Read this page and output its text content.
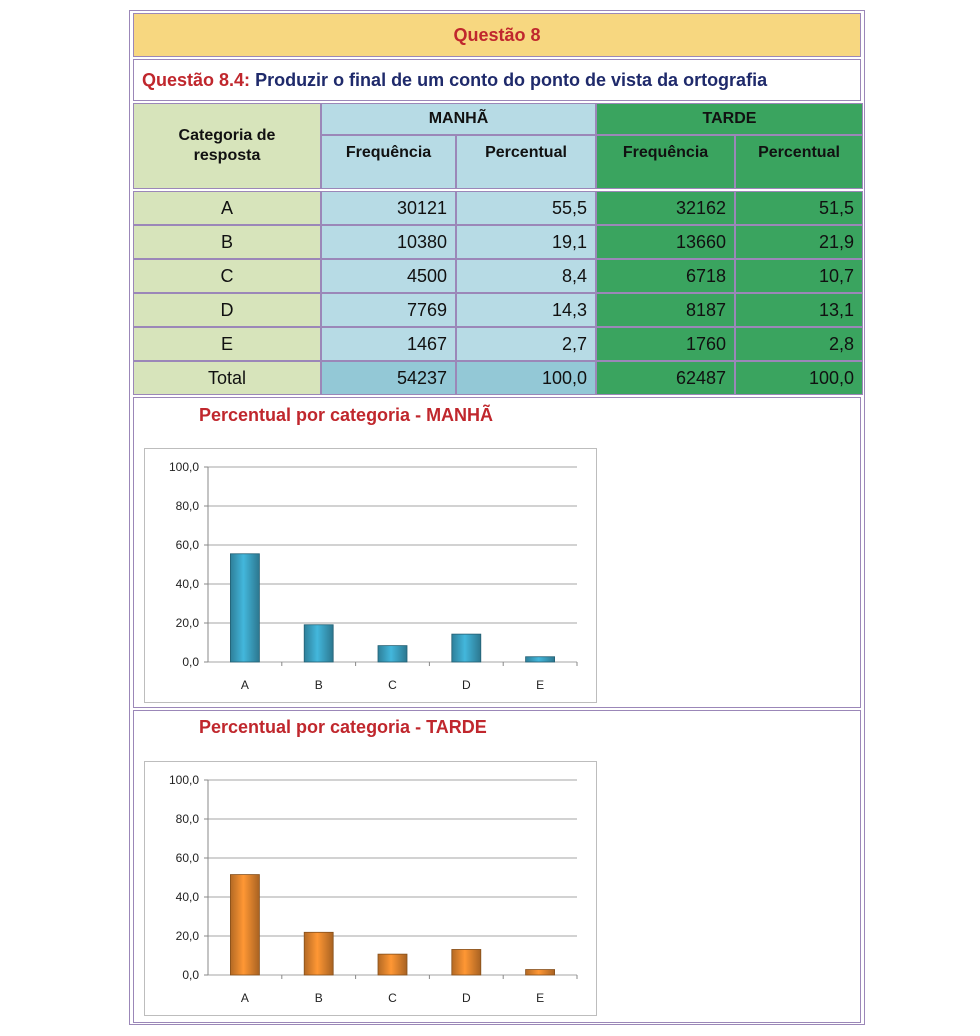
Questão 8
Questão 8.4: Produzir o final de um conto do ponto de vista da ortografia
Categoria de resposta
MANHÃ	TARDE
Frequência	Percentual	Frequência	Percentual
A	30121	55,5	32162	51,5
B	10380	19,1	13660	21,9
C	4500	8,4	6718	10,7
D	7769	14,3	8187	13,1
E	1467	2,7	1760	2,8
Total	54237	100,0	62487	100,0
Percentual por categoria - MANHÃ
0,0
20,0
40,0
60,0
80,0
100,0
A	B	C	D	E
Percentual por categoria - TARDE
0,0
20,0
40,0
60,0
80,0
100,0
A	B	C	D	E
